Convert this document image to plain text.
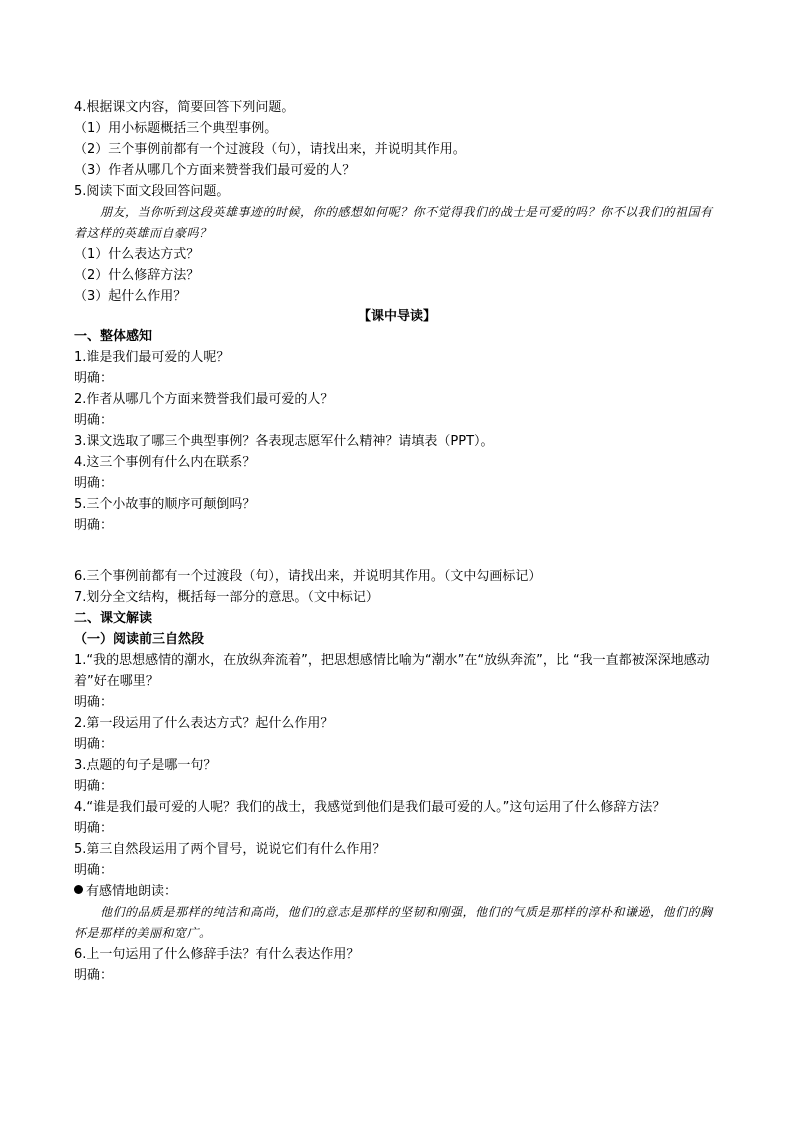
4.根据课文内容，简要回答下列问题。
（1）用小标题概括三个典型事例。
（2）三个事例前都有一个过渡段（句），请找出来，并说明其作用。
（3）作者从哪几个方面来赞誉我们最可爱的人？
5.阅读下面文段回答问题。
朋友，当你听到这段英雄事迹的时候，你的感想如何呢？你不觉得我们的战士是可爱的吗？你不以我们的祖国有着这样的英雄而自豪吗？
（1）什么表达方式？
（2）什么修辞方法？
（3）起什么作用？
【课中导读】
一、整体感知
1.谁是我们最可爱的人呢？
明确：
2.作者从哪几个方面来赞誉我们最可爱的人？
明确：
3.课文选取了哪三个典型事例？各表现志愿军什么精神？请填表（PPT）。
4.这三个事例有什么内在联系？
明确：
5.三个小故事的顺序可颠倒吗？
明确：
6.三个事例前都有一个过渡段（句），请找出来，并说明其作用。（文中勾画标记）
7.划分全文结构，概括每一部分的意思。（文中标记）
二、课文解读
（一）阅读前三自然段
1.“我的思想感情的潮水，在放纵奔流着”，把思想感情比喻为“潮水”在“放纵奔流”，比 “我一直都被深深地感动着”好在哪里？
明确：
2.第一段运用了什么表达方式？起什么作用？
明确：
3.点题的句子是哪一句？
明确：
4.“谁是我们最可爱的人呢？我们的战士，我感觉到他们是我们最可爱的人。”这句运用了什么修辞方法？
明确：
5.第三自然段运用了两个冒号，说说它们有什么作用？
明确：
有感情地朗读：
他们的品质是那样的纯洁和高尚，他们的意志是那样的坚韧和刚强，他们的气质是那样的淳朴和谦逊，他们的胸怀是那样的美丽和宽广。
6.上一句运用了什么修辞手法？有什么表达作用？
明确：
